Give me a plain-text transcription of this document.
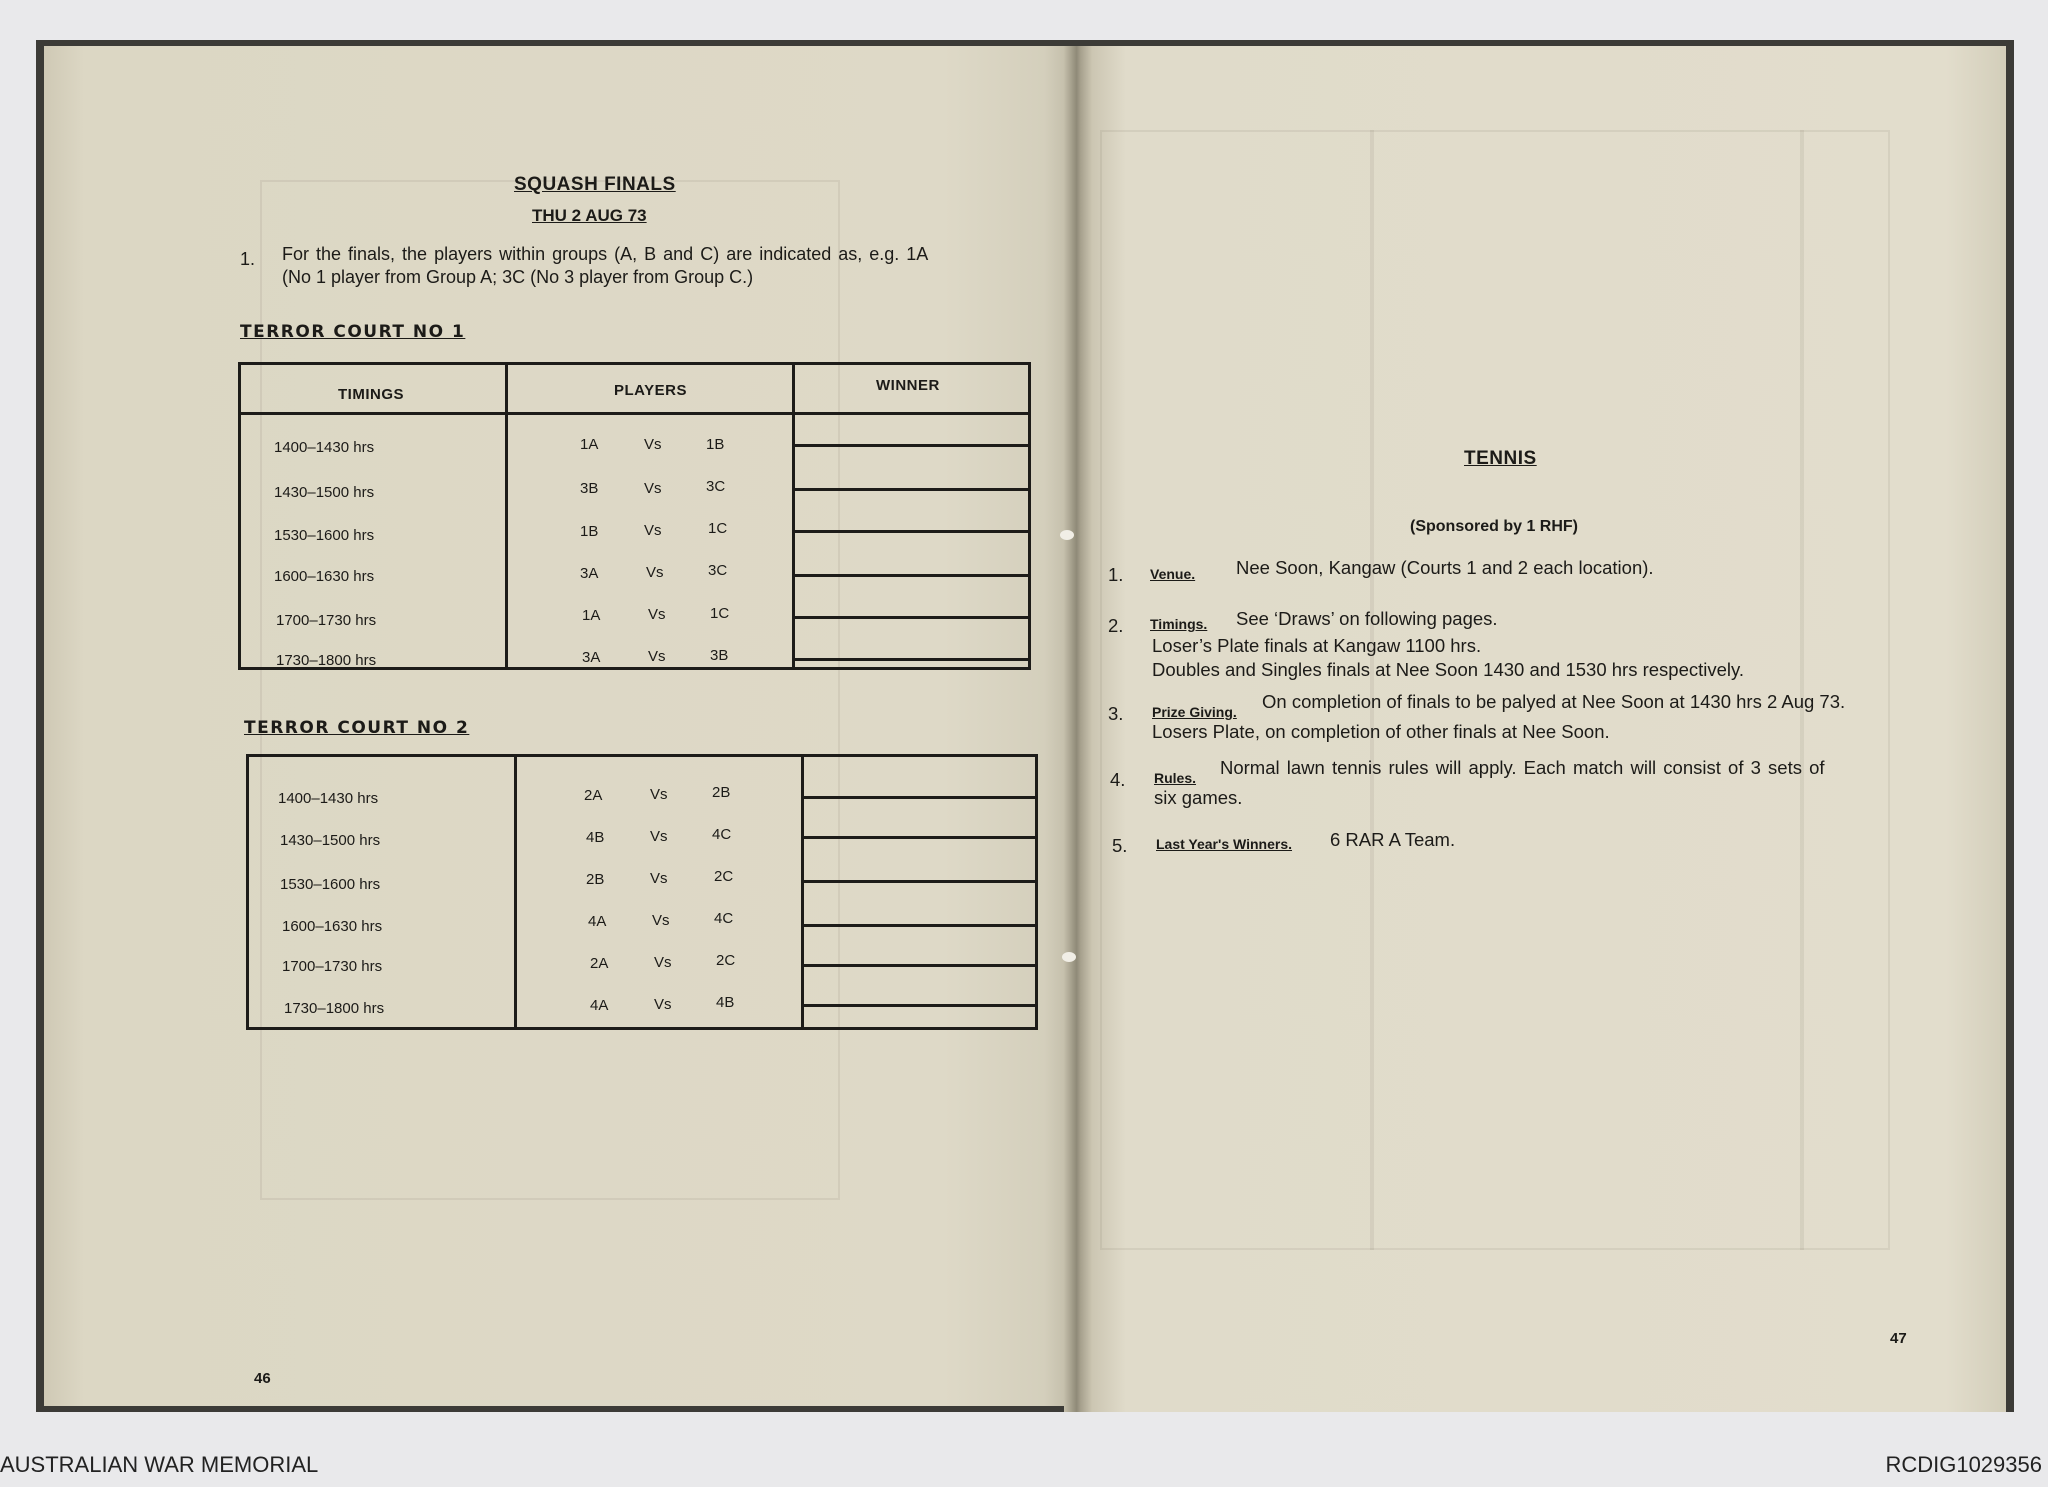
SQUASH FINALS
THU 2 AUG 73
1. For the finals, the players within groups (A, B and C) are indicated as, e.g. 1A
(No 1 player from Group A; 3C (No 3 player from Group C.)
TERROR COURT NO 1
TIMINGS	PLAYERS	WINNER
1400–1430 hrs	1A	Vs	1B
1430–1500 hrs	3B	Vs	3C
1530–1600 hrs	1B	Vs	1C
1600–1630 hrs	3A	Vs	3C
1700–1730 hrs	1A	Vs	1C
1730–1800 hrs	3A	Vs	3B
TERROR COURT NO 2
1400–1430 hrs	2A	Vs	2B
1430–1500 hrs	4B	Vs	4C
1530–1600 hrs	2B	Vs	2C
1600–1630 hrs	4A	Vs	4C
1700–1730 hrs	2A	Vs	2C
1730–1800 hrs	4A	Vs	4B
46
TENNIS
(Sponsored by 1 RHF)
1. Venue. Nee Soon, Kangaw (Courts 1 and 2 each location).
2. Timings. See ‘Draws’ on following pages.
Loser’s Plate finals at Kangaw 1100 hrs.
Doubles and Singles finals at Nee Soon 1430 and 1530 hrs respectively.
3. Prize Giving. On completion of finals to be palyed at Nee Soon at 1430 hrs 2 Aug 73.
Losers Plate, on completion of other finals at Nee Soon.
4. Rules. Normal lawn tennis rules will apply. Each match will consist of 3 sets of
six games.
5. Last Year's Winners. 6 RAR A Team.
47
AUSTRALIAN WAR MEMORIAL	RCDIG1029356
